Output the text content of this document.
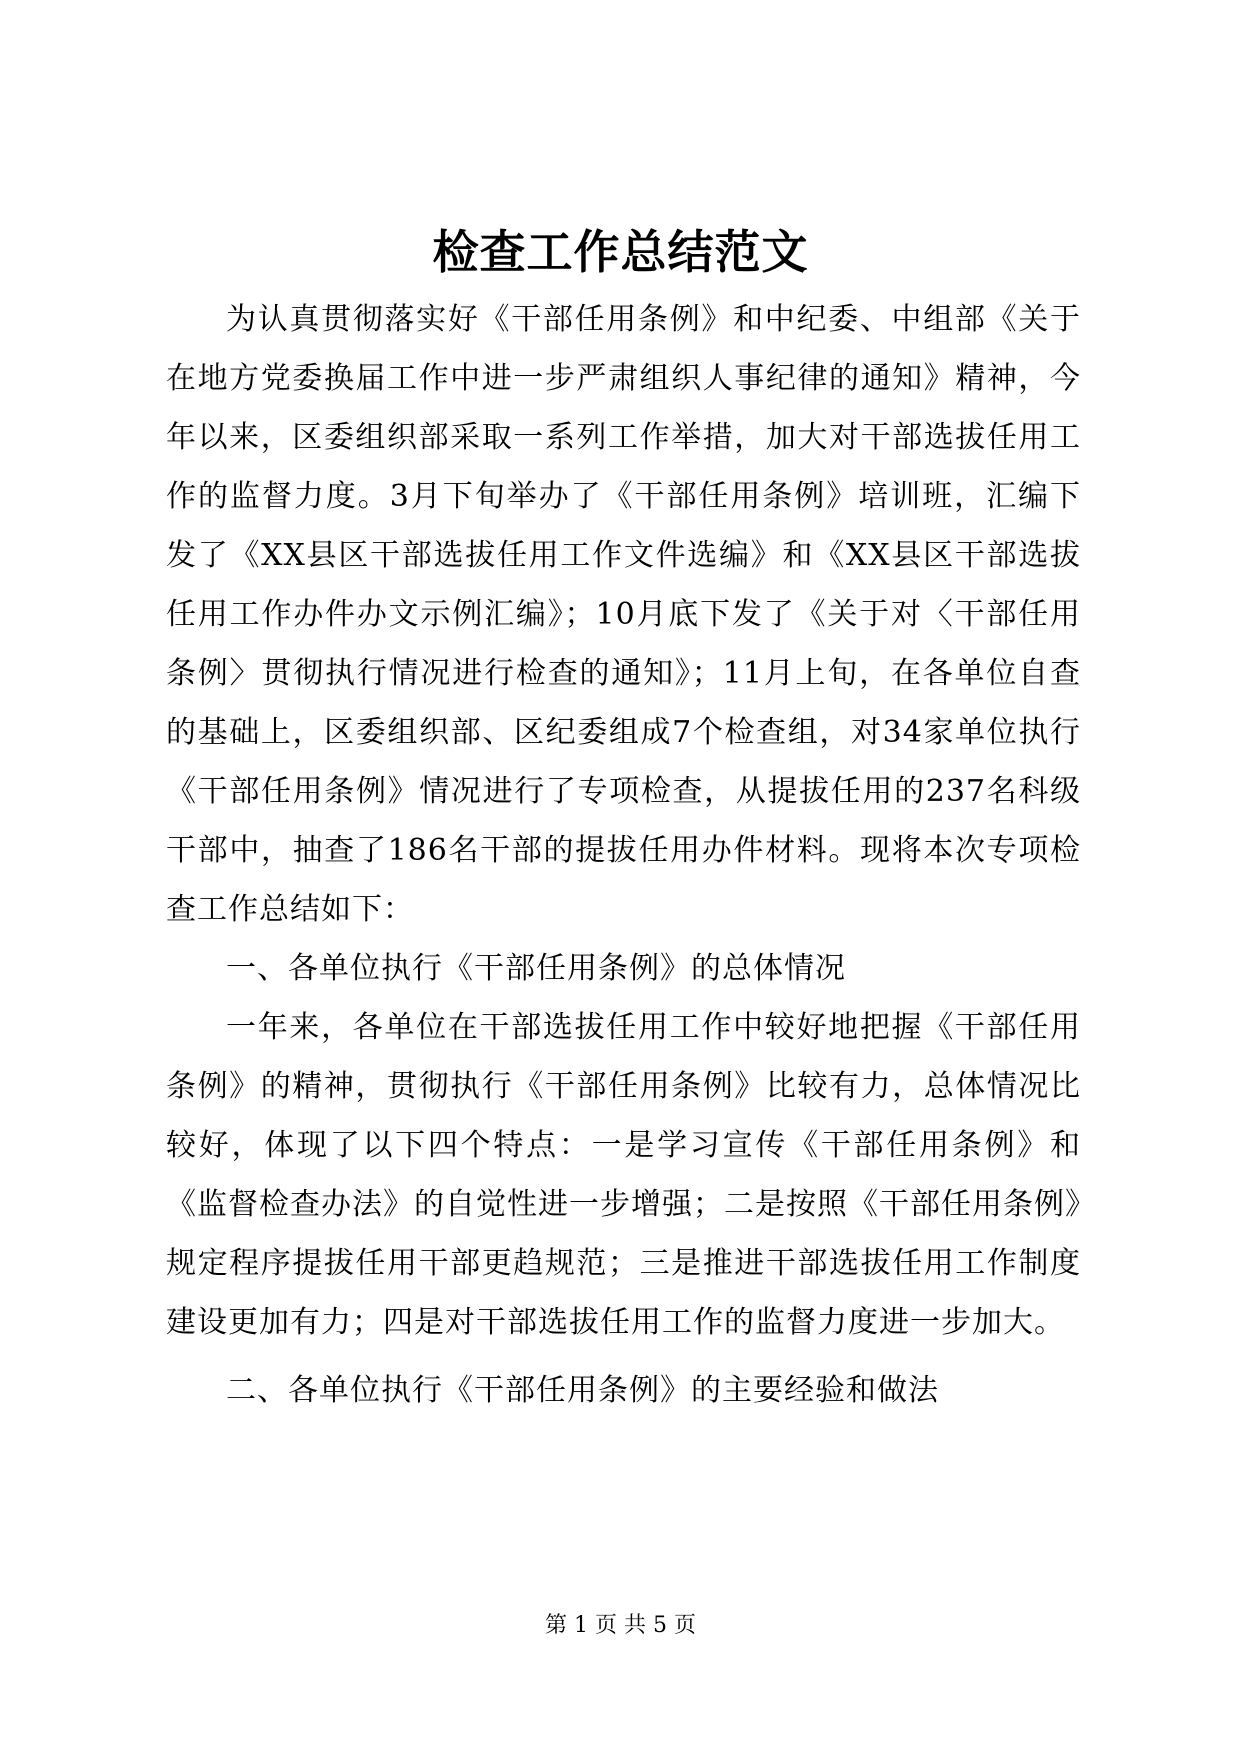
检查工作总结范文

为认真贯彻落实好《干部任用条例》和中纪委、中组部《关于在地方党委换届工作中进一步严肃组织人事纪律的通知》精神，今年以来，区委组织部采取一系列工作举措，加大对干部选拔任用工作的监督力度。3月下旬举办了《干部任用条例》培训班，汇编下发了《XX县区干部选拔任用工作文件选编》和《XX县区干部选拔任用工作办件办文示例汇编》；10月底下发了《关于对〈干部任用条例〉贯彻执行情况进行检查的通知》；11月上旬，在各单位自查的基础上，区委组织部、区纪委组成7个检查组，对34家单位执行《干部任用条例》情况进行了专项检查，从提拔任用的237名科级干部中，抽查了186名干部的提拔任用办件材料。现将本次专项检查工作总结如下：

一、各单位执行《干部任用条例》的总体情况

一年来，各单位在干部选拔任用工作中较好地把握《干部任用条例》的精神，贯彻执行《干部任用条例》比较有力，总体情况比较好，体现了以下四个特点：一是学习宣传《干部任用条例》和《监督检查办法》的自觉性进一步增强；二是按照《干部任用条例》规定程序提拔任用干部更趋规范；三是推进干部选拔任用工作制度建设更加有力；四是对干部选拔任用工作的监督力度进一步加大。

二、各单位执行《干部任用条例》的主要经验和做法

第 1 页 共 5 页
